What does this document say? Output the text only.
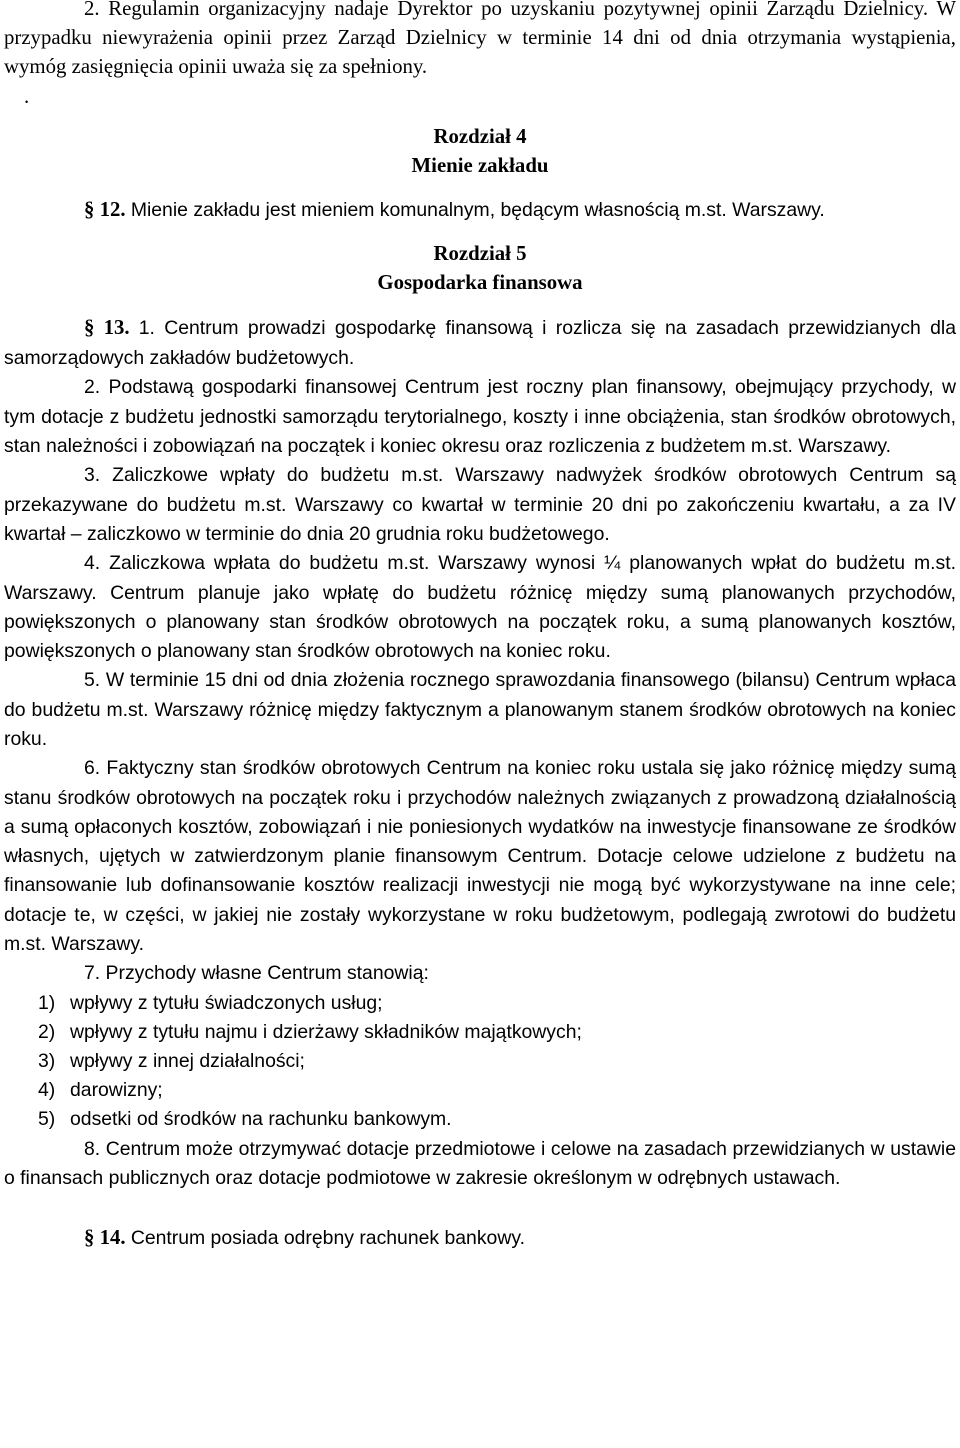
2. Regulamin organizacyjny nadaje Dyrektor po uzyskaniu pozytywnej opinii Zarządu Dzielnicy. W przypadku niewyrażenia opinii przez Zarząd Dzielnicy w terminie 14 dni od dnia otrzymania wystąpienia, wymóg zasięgnięcia opinii uważa się za spełniony.

.

Rozdział 4

Mienie zakładu

§ 12. Mienie zakładu jest mieniem komunalnym, będącym własnością m.st. Warszawy.

Rozdział 5

Gospodarka finansowa

§ 13. 1. Centrum prowadzi gospodarkę finansową i rozlicza się na zasadach przewidzianych dla samorządowych zakładów budżetowych.

2. Podstawą gospodarki finansowej Centrum jest roczny plan finansowy, obejmujący przychody, w tym dotacje z budżetu jednostki samorządu terytorialnego, koszty i inne obciążenia, stan środków obrotowych, stan należności i zobowiązań na początek i koniec okresu oraz rozliczenia z budżetem m.st. Warszawy.

3. Zaliczkowe wpłaty do budżetu m.st. Warszawy nadwyżek środków obrotowych Centrum są przekazywane do budżetu m.st. Warszawy co kwartał w terminie 20 dni po zakończeniu kwartału, a za IV kwartał – zaliczkowo w terminie do dnia 20 grudnia roku budżetowego.

4. Zaliczkowa wpłata do budżetu m.st. Warszawy wynosi ¼ planowanych wpłat do budżetu m.st. Warszawy. Centrum planuje jako wpłatę do budżetu różnicę między sumą planowanych przychodów, powiększonych o planowany stan środków obrotowych na początek roku, a sumą planowanych kosztów, powiększonych o planowany stan środków obrotowych na koniec roku.

5. W terminie 15 dni od dnia złożenia rocznego sprawozdania finansowego (bilansu) Centrum wpłaca do budżetu m.st. Warszawy różnicę między faktycznym a planowanym stanem środków obrotowych na koniec roku.

6. Faktyczny stan środków obrotowych Centrum na koniec roku ustala się jako różnicę między sumą stanu środków obrotowych na początek roku i przychodów należnych związanych z prowadzoną działalnością a sumą opłaconych kosztów, zobowiązań i nie poniesionych wydatków na inwestycje finansowane ze środków własnych, ujętych w zatwierdzonym planie finansowym Centrum. Dotacje celowe udzielone z budżetu na finansowanie lub dofinansowanie kosztów realizacji inwestycji nie mogą być wykorzystywane na inne cele; dotacje te, w części, w jakiej nie zostały wykorzystane w roku budżetowym, podlegają zwrotowi do budżetu m.st. Warszawy.

7. Przychody własne Centrum stanowią:

1) wpływy z tytułu świadczonych usług;

2) wpływy z tytułu najmu i dzierżawy składników majątkowych;

3) wpływy z innej działalności;

4) darowizny;

5) odsetki od środków na rachunku bankowym.

8. Centrum może otrzymywać dotacje przedmiotowe i celowe na zasadach przewidzianych w ustawie o finansach publicznych oraz dotacje podmiotowe w zakresie określonym w odrębnych ustawach.

§ 14. Centrum posiada odrębny rachunek bankowy.
